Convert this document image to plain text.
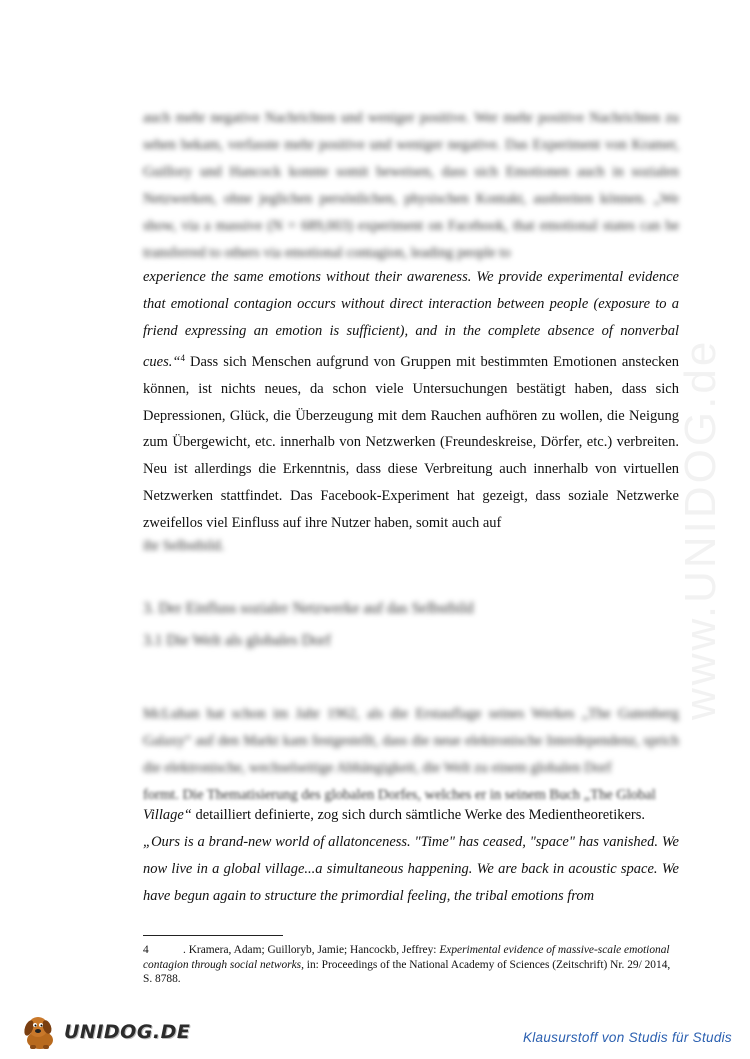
www.UNIDOG.de
auch mehr negative Nachrichten und weniger positive. Wer mehr positive Nachrichten zu sehen bekam, verfasste mehr positive und weniger negative. Das Experiment von Kramer, Guillory und Hancock konnte somit beweisen, dass sich Emotionen auch in sozialen Netzwerken, ohne jeglichen persönlichen, physischen Kontakt, ausbreiten können. „We show, via a massive (N = 689,003) experiment on Facebook, that emotional states can be transferred to others via emotional contagion, leading people to
experience the same emotions without their awareness. We provide experimental evidence that emotional contagion occurs without direct interaction between people (exposure to a friend expressing an emotion is sufficient), and in the complete absence of nonverbal cues.“$^4$ Dass sich Menschen aufgrund von Gruppen mit bestimmten Emotionen anstecken können, ist nichts neues, da schon viele Untersuchungen bestätigt haben, dass sich Depressionen, Glück, die Überzeugung mit dem Rauchen aufhören zu wollen, die Neigung zum Übergewicht, etc. innerhalb von Netzwerken (Freundeskreise, Dörfer, etc.) verbreiten. Neu ist allerdings die Erkenntnis, dass diese Verbreitung auch innerhalb von virtuellen Netzwerken stattfindet. Das Facebook-Experiment hat gezeigt, dass soziale Netzwerke zweifellos viel Einfluss auf ihre Nutzer haben, somit auch auf
ihr Selbstbild.
3. Der Einfluss sozialer Netzwerke auf das Selbstbild
3.1 Die Welt als globales Dorf
McLuhan hat schon im Jahr 1962, als die Erstauflage seines Werkes „The Gutenberg Galaxy“ auf den Markt kam festgestellt, dass die neue elektronische Interdependenz, sprich die elektronische, wechselseitige Abhängigkeit, die Welt zu einem globalen Dorf
formt. Die Thematisierung des globalen Dorfes, welches er in seinem Buch „The Global
Village“ detailliert definierte, zog sich durch sämtliche Werke des Medientheoretikers.
„Ours is a brand-new world of allatonceness. "Time" has ceased, "space" has vanished. We now live in a global village...a simultaneous happening. We are back in acoustic space. We have begun again to structure the primordial feeling, the tribal emotions from
4	. Kramera, Adam; Guilloryb, Jamie; Hancockb, Jeffrey: Experimental evidence of massive-scale emotional contagion through social networks, in: Proceedings of the National Academy of Sciences (Zeitschrift) Nr. 29/ 2014, S. 8788.
UNIDOG.DE	Klausurstoff von Studis für Studis
